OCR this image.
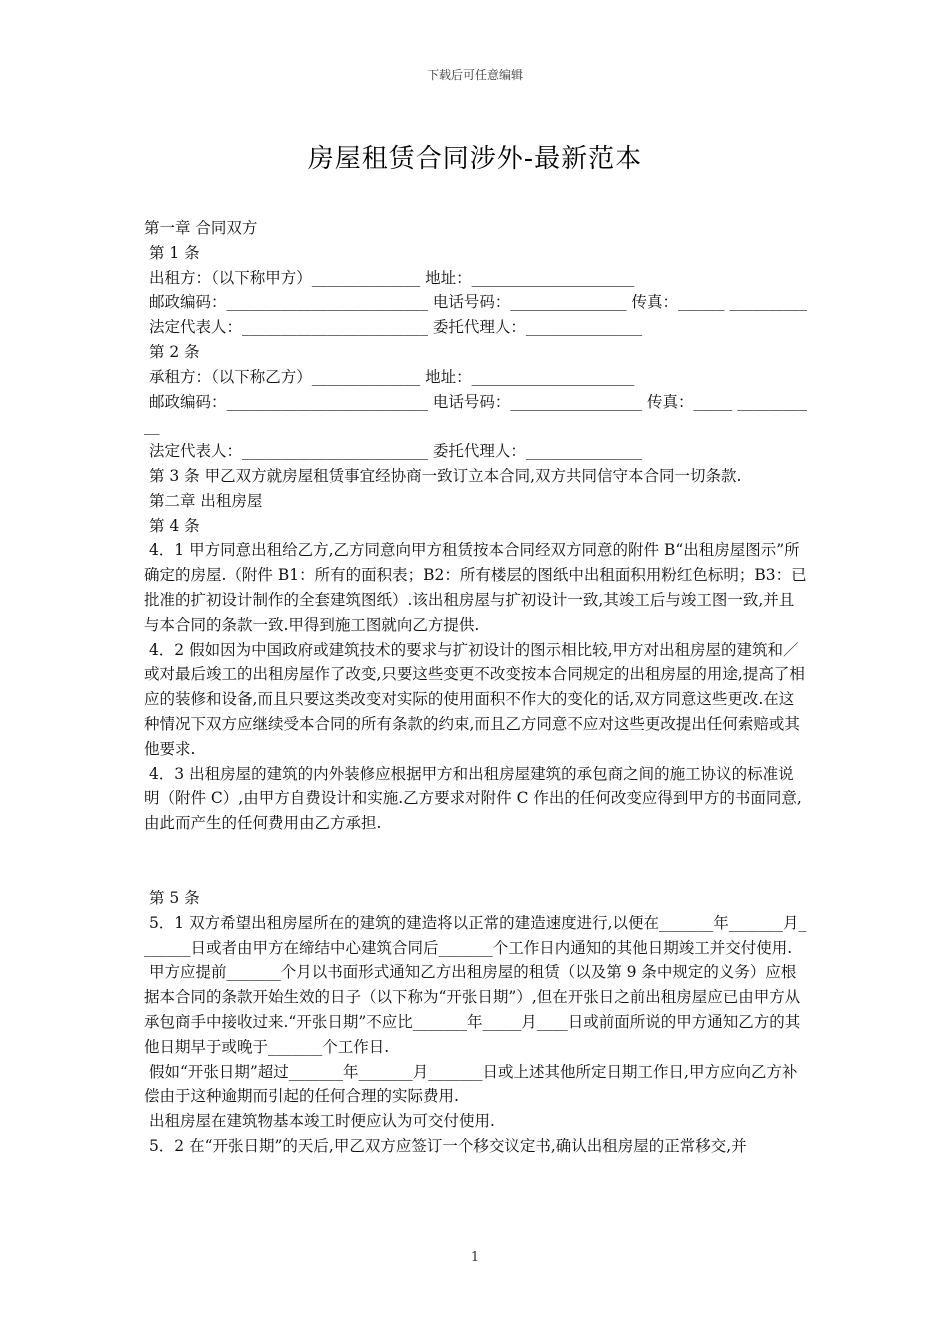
下载后可任意编辑
房屋租赁合同涉外-最新范本

第一章 合同双方

第 1 条

出租方：（以下称甲方）______________ 地址：_____________________

邮政编码：__________________________ 电话号码：_______________ 传真：______ __________

法定代表人：________________________ 委托代理人：_______________

第 2 条

承租方：（以下称乙方）______________ 地址：_____________________

邮政编码：__________________________ 电话号码：_________________ 传真：_____ ___________

法定代表人：________________________ 委托代理人：_______________

第 3 条 甲乙双方就房屋租赁事宜经协商一致订立本合同,双方共同信守本合同一切条款.

第二章 出租房屋

第 4 条

4．1 甲方同意出租给乙方,乙方同意向甲方租赁按本合同经双方同意的附件 B“出租房屋图示”所确定的房屋.（附件 B1：所有的面积表；B2：所有楼层的图纸中出租面积用粉红色标明；B3：已批准的扩初设计制作的全套建筑图纸）.该出租房屋与扩初设计一致,其竣工后与竣工图一致,并且与本合同的条款一致.甲得到施工图就向乙方提供.

4．2 假如因为中国政府或建筑技术的要求与扩初设计的图示相比较,甲方对出租房屋的建筑和／或对最后竣工的出租房屋作了改变,只要这些变更不改变按本合同规定的出租房屋的用途,提高了相应的装修和设备,而且只要这类改变对实际的使用面积不作大的变化的话,双方同意这些更改.在这种情况下双方应继续受本合同的所有条款的约束,而且乙方同意不应对这些更改提出任何索赔或其他要求.

4．3 出租房屋的建筑的内外装修应根据甲方和出租房屋建筑的承包商之间的施工协议的标准说明（附件 C）,由甲方自费设计和实施.乙方要求对附件 C 作出的任何改变应得到甲方的书面同意,由此而产生的任何费用由乙方承担.

第 5 条

5．1 双方希望出租房屋所在的建筑的建造将以正常的建造速度进行,以便在_______年_______月_______日或者由甲方在缔结中心建筑合同后_______个工作日内通知的其他日期竣工并交付使用.

甲方应提前_______个月以书面形式通知乙方出租房屋的租赁（以及第 9 条中规定的义务）应根据本合同的条款开始生效的日子（以下称为“开张日期”）,但在开张日之前出租房屋应已由甲方从承包商手中接收过来.“开张日期”不应比_______年_____月____日或前面所说的甲方通知乙方的其他日期早于或晚于_______个工作日.

假如“开张日期”超过_______年_______月_______日或上述其他所定日期工作日,甲方应向乙方补偿由于这种逾期而引起的任何合理的实际费用.

出租房屋在建筑物基本竣工时便应认为可交付使用.

5．2 在“开张日期”的天后,甲乙双方应签订一个移交议定书,确认出租房屋的正常移交,并

1
